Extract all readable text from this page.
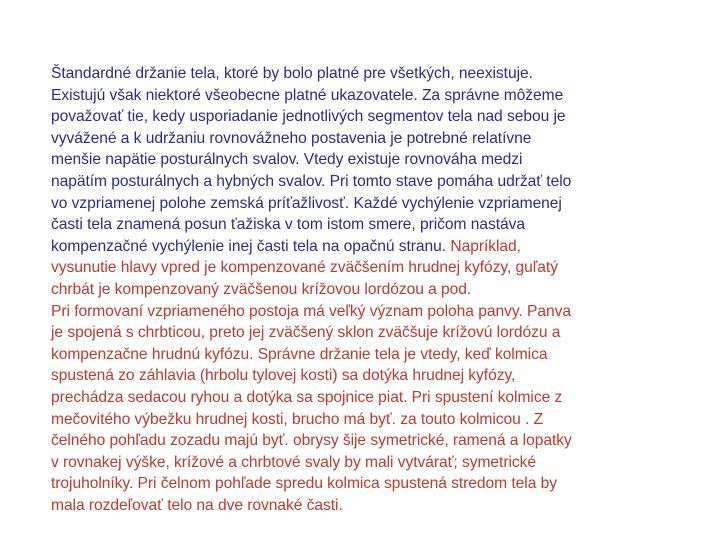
Štandardné držanie tela, ktoré by bolo platné pre všetkých, neexistuje.
Existujú však niektoré všeobecne platné ukazovatele. Za správne môžeme
považovať tie, kedy usporiadanie jednotlivých segmentov tela nad sebou je
vyvážené a k udržaniu rovnovážneho postavenia je potrebné relatívne
menšie napätie posturálnych svalov. Vtedy existuje rovnováha medzi
napätím posturálnych a hybných svalov. Pri tomto stave pomáha udržať telo
vo vzpriamenej polohe zemská príťažlivosť. Každé vychýlenie vzpriamenej
časti tela znamená posun ťažiska v tom istom smere, pričom nastáva
kompenzačné vychýlenie inej časti tela na opačnú stranu. Napríklad,
vysunutie hlavy vpred je kompenzované zväčšením hrudnej kyfózy, guľatý
chrbát je kompenzovaný zväčšenou krížovou lordózou a pod.
Pri formovaní vzpriameného postoja má veľký význam poloha panvy. Panva
je spojená s chrbticou, preto jej zväčšený sklon zväčšuje krížovú lordózu a
kompenzačne hrudnú kyfózu. Správne držanie tela je vtedy, keď kolmica
spustená zo záhlavia (hrbolu tylovej kosti) sa dotýka hrudnej kyfózy,
prechádza sedacou ryhou a dotýka sa spojnice piat. Pri spustení kolmice z
mečovitého výbežku hrudnej kosti, brucho má byť. za touto kolmicou . Z
čelného pohľadu zozadu majú byť. obrysy šije symetrické, ramená a lopatky
v rovnakej výške, krížové a chrbtové svaly by mali vytvárať; symetrické
trojuholníky. Pri čelnom pohľade spredu kolmica spustená stredom tela by
mala rozdeľovať telo na dve rovnaké časti.
